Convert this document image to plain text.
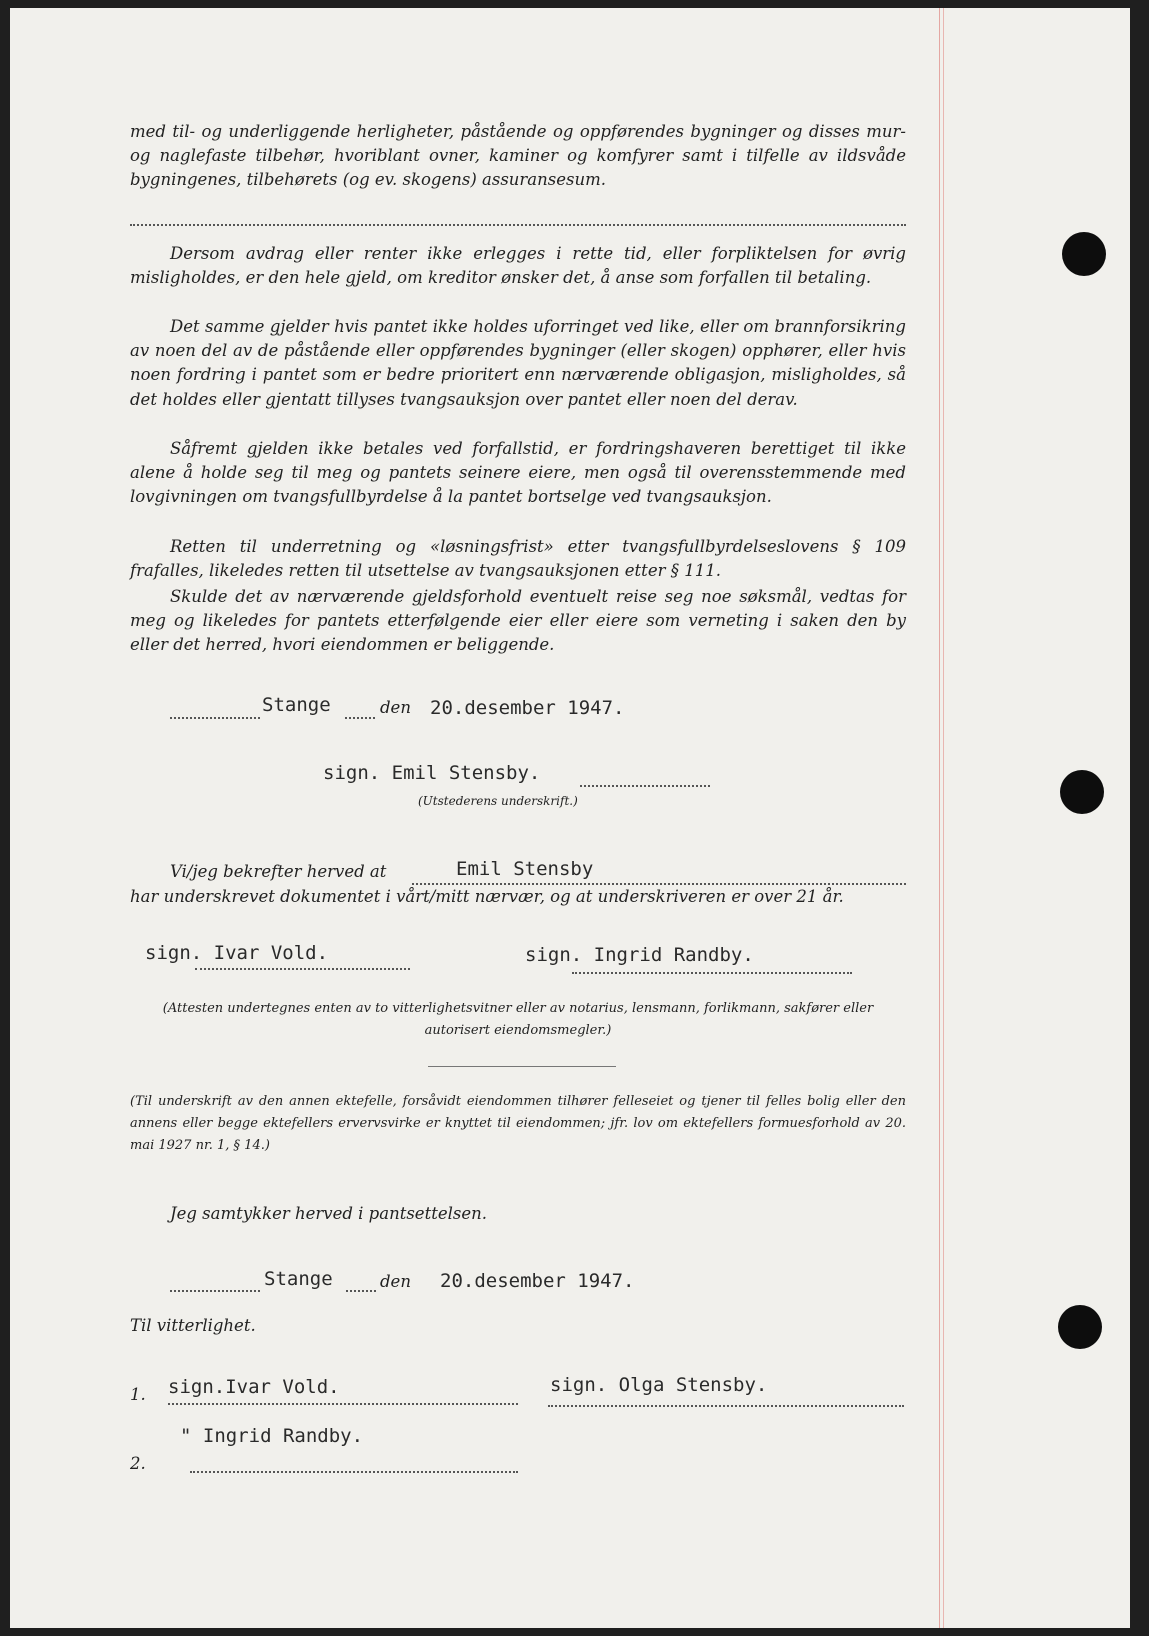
med til- og underliggende herligheter, påstående og oppførendes bygninger og disses mur- og naglefaste tilbehør, hvoriblant ovner, kaminer og komfyrer samt i tilfelle av ildsvåde bygningenes, tilbehørets (og ev. skogens) assuransesum.

Dersom avdrag eller renter ikke erlegges i rette tid, eller forpliktelsen for øvrig misligholdes, er den hele gjeld, om kreditor ønsker det, å anse som forfallen til betaling.

Det samme gjelder hvis pantet ikke holdes uforringet ved like, eller om brannforsikring av noen del av de påstående eller oppførendes bygninger (eller skogen) opphører, eller hvis noen fordring i pantet som er bedre prioritert enn nærværende obligasjon, misligholdes, så det holdes eller gjentatt tillyses tvangsauksjon over pantet eller noen del derav.

Såfremt gjelden ikke betales ved forfallstid, er fordringshaveren berettiget til ikke alene å holde seg til meg og pantets seinere eiere, men også til overensstemmende med lovgivningen om tvangsfullbyrdelse å la pantet bortselge ved tvangsauksjon.

Retten til underretning og «løsningsfrist» etter tvangsfullbyrdelseslovens § 109 frafalles, likeledes retten til utsettelse av tvangsauksjonen etter § 111.

Skulde det av nærværende gjeldsforhold eventuelt reise seg noe søksmål, vedtas for meg og likeledes for pantets etterfølgende eier eller eiere som verneting i saken den by eller det herred, hvori eiendommen er beliggende.

Stange	den 20.desember 1947.
sign. Emil Stensby.
(Utstederens underskrift.)
Vi/jeg bekrefter herved at	Emil Stensby
har underskrevet dokumentet i vårt/mitt nærvær, og at underskriveren er over 21 år.
sign. Ivar Vold.	sign. Ingrid Randby.

(Attesten undertegnes enten av to vitterlighetsvitner eller av notarius, lensmann, forlikmann, sakfører eller autorisert eiendomsmegler.)

(Til underskrift av den annen ektefelle, forsåvidt eiendommen tilhører felleseiet og tjener til felles bolig eller den annens eller begge ektefellers ervervsvirke er knyttet til eiendommen; jfr. lov om ektefellers formuesforhold av 20. mai 1927 nr. 1, § 14.)

Jeg samtykker herved i pantsettelsen.
Stange	den 20.desember 1947.
Til vitterlighet.
1. sign.Ivar Vold.	sign. Olga Stensby.
" Ingrid Randby.
2.
